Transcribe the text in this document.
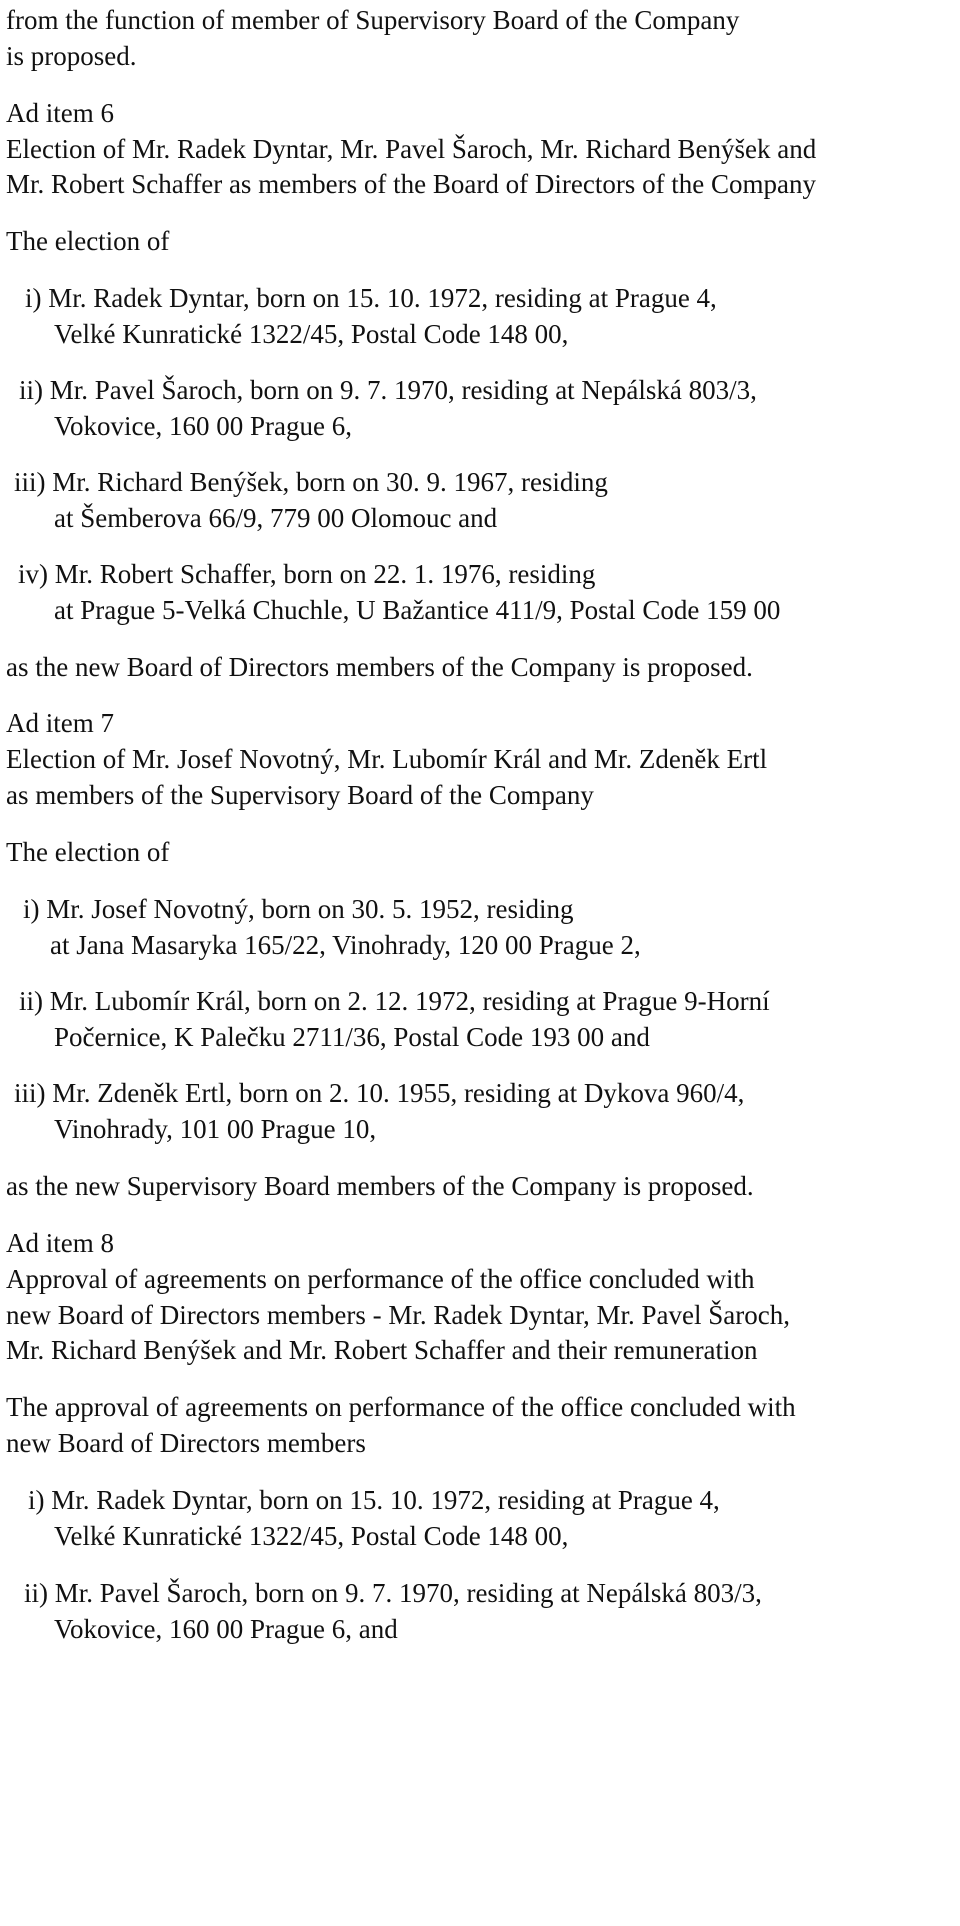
from the function of member of Supervisory Board of the Company
is proposed.
Ad item 6
Election of Mr. Radek Dyntar, Mr. Pavel Šaroch, Mr. Richard Benýšek and
Mr. Robert Schaffer as members of the Board of Directors of the Company
The election of
i) Mr. Radek Dyntar, born on 15. 10. 1972, residing at Prague 4,
Velké Kunratické 1322/45, Postal Code 148 00,
ii) Mr. Pavel Šaroch, born on 9. 7. 1970, residing at Nepálská 803/3,
Vokovice, 160 00 Prague 6,
iii) Mr. Richard Benýšek, born on 30. 9. 1967, residing
at Šemberova 66/9, 779 00 Olomouc and
iv) Mr. Robert Schaffer, born on 22. 1. 1976, residing
at Prague 5-Velká Chuchle, U Bažantice 411/9, Postal Code 159 00
as the new Board of Directors members of the Company is proposed.
Ad item 7
Election of Mr. Josef Novotný, Mr. Lubomír Král and Mr. Zdeněk Ertl
as members of the Supervisory Board of the Company
The election of
i) Mr. Josef Novotný, born on 30. 5. 1952, residing
at Jana Masaryka 165/22, Vinohrady, 120 00 Prague 2,
ii) Mr. Lubomír Král, born on 2. 12. 1972, residing at Prague 9-Horní
Počernice, K Palečku 2711/36, Postal Code 193 00 and
iii) Mr. Zdeněk Ertl, born on 2. 10. 1955, residing at Dykova 960/4,
Vinohrady, 101 00 Prague 10,
as the new Supervisory Board members of the Company is proposed.
Ad item 8
Approval of agreements on performance of the office concluded with
new Board of Directors members - Mr. Radek Dyntar, Mr. Pavel Šaroch,
Mr. Richard Benýšek and Mr. Robert Schaffer and their remuneration
The approval of agreements on performance of the office concluded with
new Board of Directors members
i) Mr. Radek Dyntar, born on 15. 10. 1972, residing at Prague 4,
Velké Kunratické 1322/45, Postal Code 148 00,
ii) Mr. Pavel Šaroch, born on 9. 7. 1970, residing at Nepálská 803/3,
Vokovice, 160 00 Prague 6, and
